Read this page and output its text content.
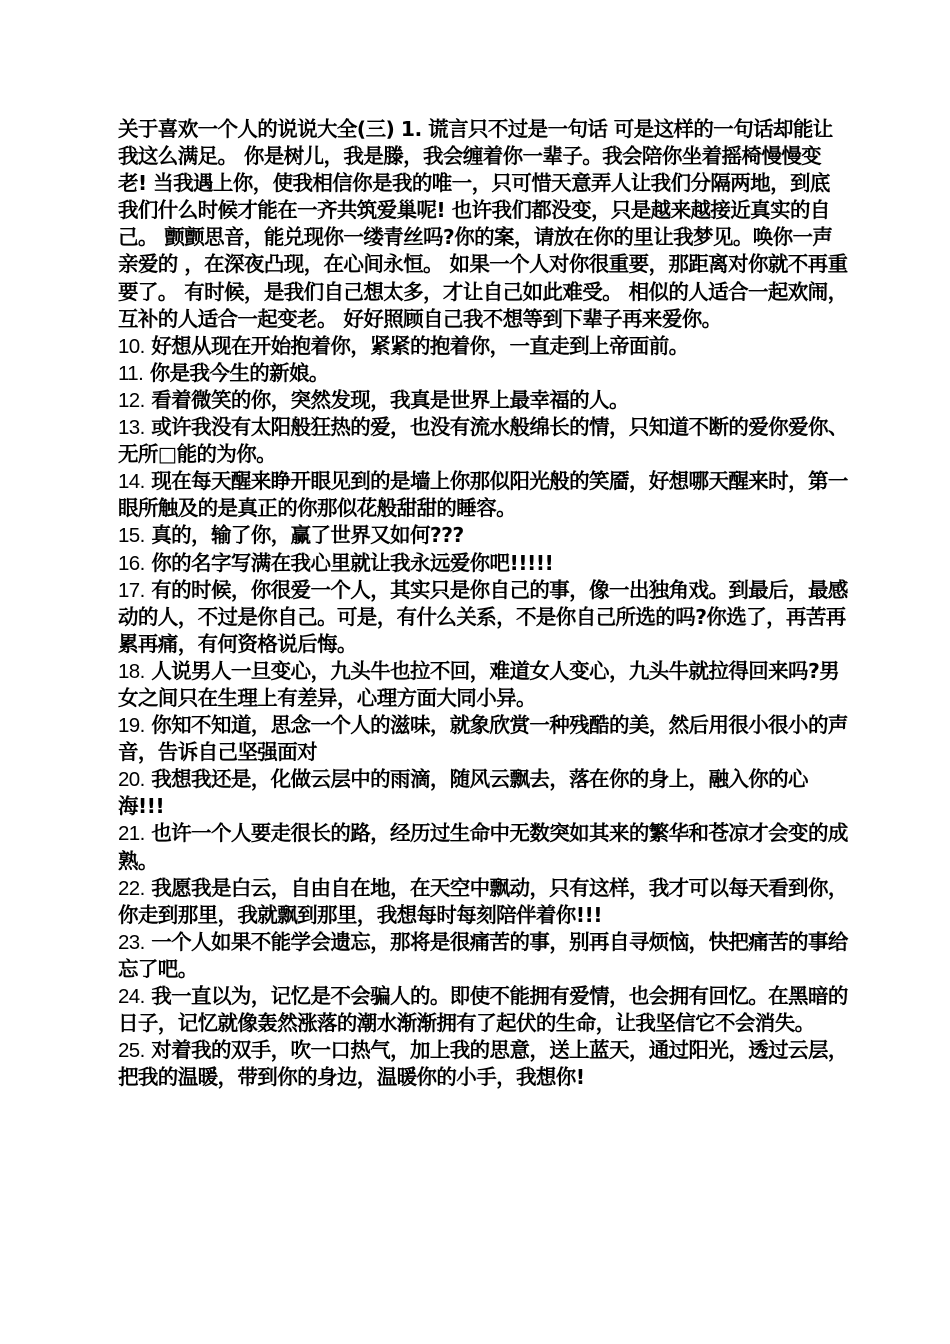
关于喜欢一个人的说说大全(三) 1. 谎言只不过是一句话 可是这样的一句话却能让我这么满足。 你是树儿，我是滕，我会缠着你一辈子。我会陪你坐着摇椅慢慢变老! 当我遇上你，使我相信你是我的唯一，只可惜天意弄人让我们分隔两地，到底我们什么时候才能在一齐共筑爱巢呢! 也许我们都没变，只是越来越接近真实的自己。 颤颤思音，能兑现你一缕青丝吗?你的案，请放在你的里让我梦见。唤你一声 亲爱的 ，在深夜凸现，在心间永恒。 如果一个人对你很重要，那距离对你就不再重要了。 有时候，是我们自己想太多，才让自己如此难受。 相似的人适合一起欢闹，互补的人适合一起变老。 好好照顾自己我不想等到下辈子再来爱你。

10. 好想从现在开始抱着你，紧紧的抱着你，一直走到上帝面前。

11. 你是我今生的新娘。

12. 看着微笑的你，突然发现，我真是世界上最幸福的人。

13. 或许我没有太阳般狂热的爱，也没有流水般绵长的情，只知道不断的爱你爱你、无所□能的为你。

14. 现在每天醒来睁开眼见到的是墙上你那似阳光般的笑靥，好想哪天醒来时，第一眼所触及的是真正的你那似花般甜甜的睡容。

15. 真的，输了你，赢了世界又如何???

16. 你的名字写满在我心里就让我永远爱你吧!!!!!

17. 有的时候，你很爱一个人，其实只是你自己的事，像一出独角戏。到最后，最感动的人，不过是你自己。可是，有什么关系，不是你自己所选的吗?你选了，再苦再累再痛，有何资格说后悔。

18. 人说男人一旦变心，九头牛也拉不回，难道女人变心，九头牛就拉得回来吗?男女之间只在生理上有差异，心理方面大同小异。

19. 你知不知道，思念一个人的滋味，就象欣赏一种残酷的美，然后用很小很小的声音，告诉自己坚强面对

20. 我想我还是，化做云层中的雨滴，随风云飘去，落在你的身上，融入你的心海!!!

21. 也许一个人要走很长的路，经历过生命中无数突如其来的繁华和苍凉才会变的成熟。

22. 我愿我是白云，自由自在地，在天空中飘动，只有这样，我才可以每天看到你，你走到那里，我就飘到那里，我想每时每刻陪伴着你!!!

23. 一个人如果不能学会遗忘，那将是很痛苦的事，别再自寻烦恼，快把痛苦的事给忘了吧。

24. 我一直以为，记忆是不会骗人的。即使不能拥有爱情，也会拥有回忆。在黑暗的日子，记忆就像轰然涨落的潮水渐渐拥有了起伏的生命，让我坚信它不会消失。

25. 对着我的双手，吹一口热气，加上我的思意，送上蓝天，通过阳光，透过云层，把我的温暖，带到你的身边，温暖你的小手，我想你!
